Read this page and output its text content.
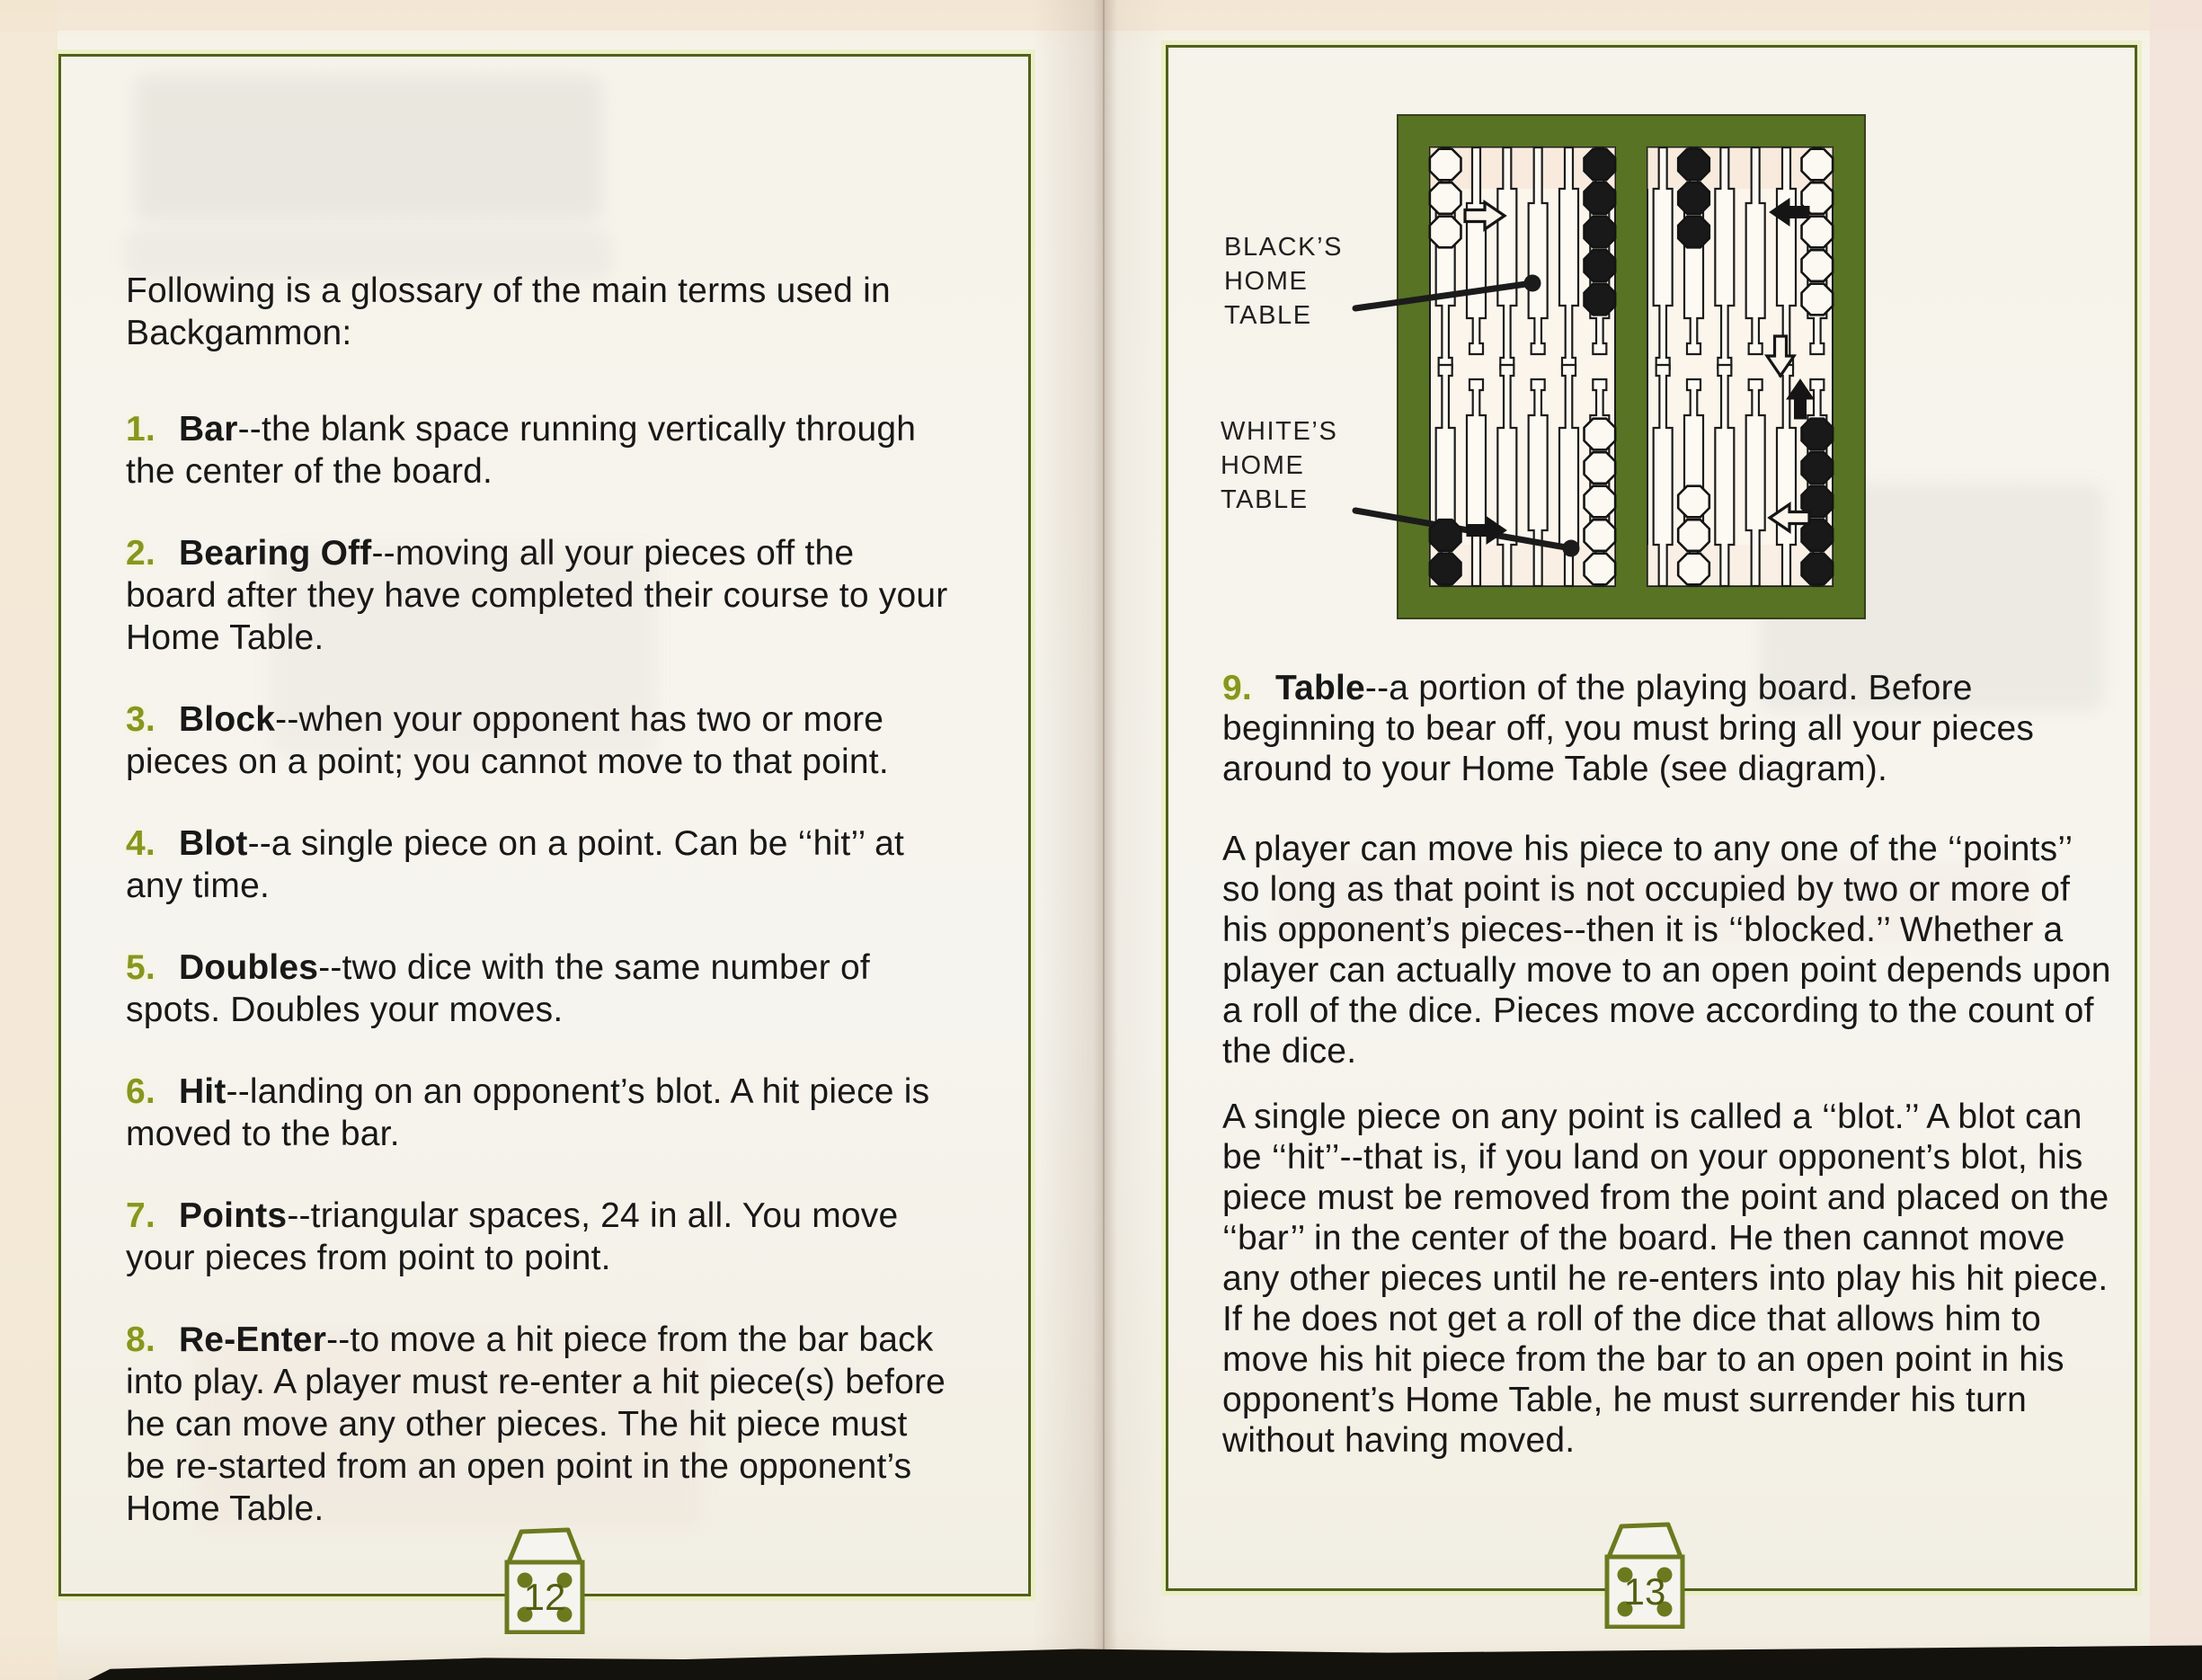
Following is a glossary of the main terms used in Backgammon:

1. Bar--the blank space running vertically through the center of the board.

2. Bearing Off--moving all your pieces off the board after they have completed their course to your Home Table.

3. Block--when your opponent has two or more pieces on a point; you cannot move to that point.

4. Blot--a single piece on a point. Can be ‘‘hit’’ at any time.

5. Doubles--two dice with the same number of spots. Doubles your moves.

6. Hit--landing on an opponent’s blot. A hit piece is moved to the bar.

7. Points--triangular spaces, 24 in all. You move your pieces from point to point.

8. Re-Enter--to move a hit piece from the bar back into play. A player must re-enter a hit piece(s) before he can move any other pieces. The hit piece must be re-started from an open point in the opponent’s Home Table.

BLACK’S
HOME
TABLE
WHITE’S
HOME
TABLE

9. Table--a portion of the playing board. Before beginning to bear off, you must bring all your pieces around to your Home Table (see diagram).

A player can move his piece to any one of the ‘‘points’’ so long as that point is not occupied by two or more of his opponent’s pieces--then it is ‘‘blocked.’’ Whether a player can actually move to an open point depends upon a roll of the dice. Pieces move according to the count of the dice.

A single piece on any point is called a ‘‘blot.’’ A blot can be ‘‘hit’’--that is, if you land on your opponent’s blot, his piece must be removed from the point and placed on the ‘‘bar’’ in the center of the board. He then cannot move any other pieces until he re-enters into play his hit piece. If he does not get a roll of the dice that allows him to move his hit piece from the bar to an open point in his opponent’s Home Table, he must surrender his turn without having moved.

12	13
